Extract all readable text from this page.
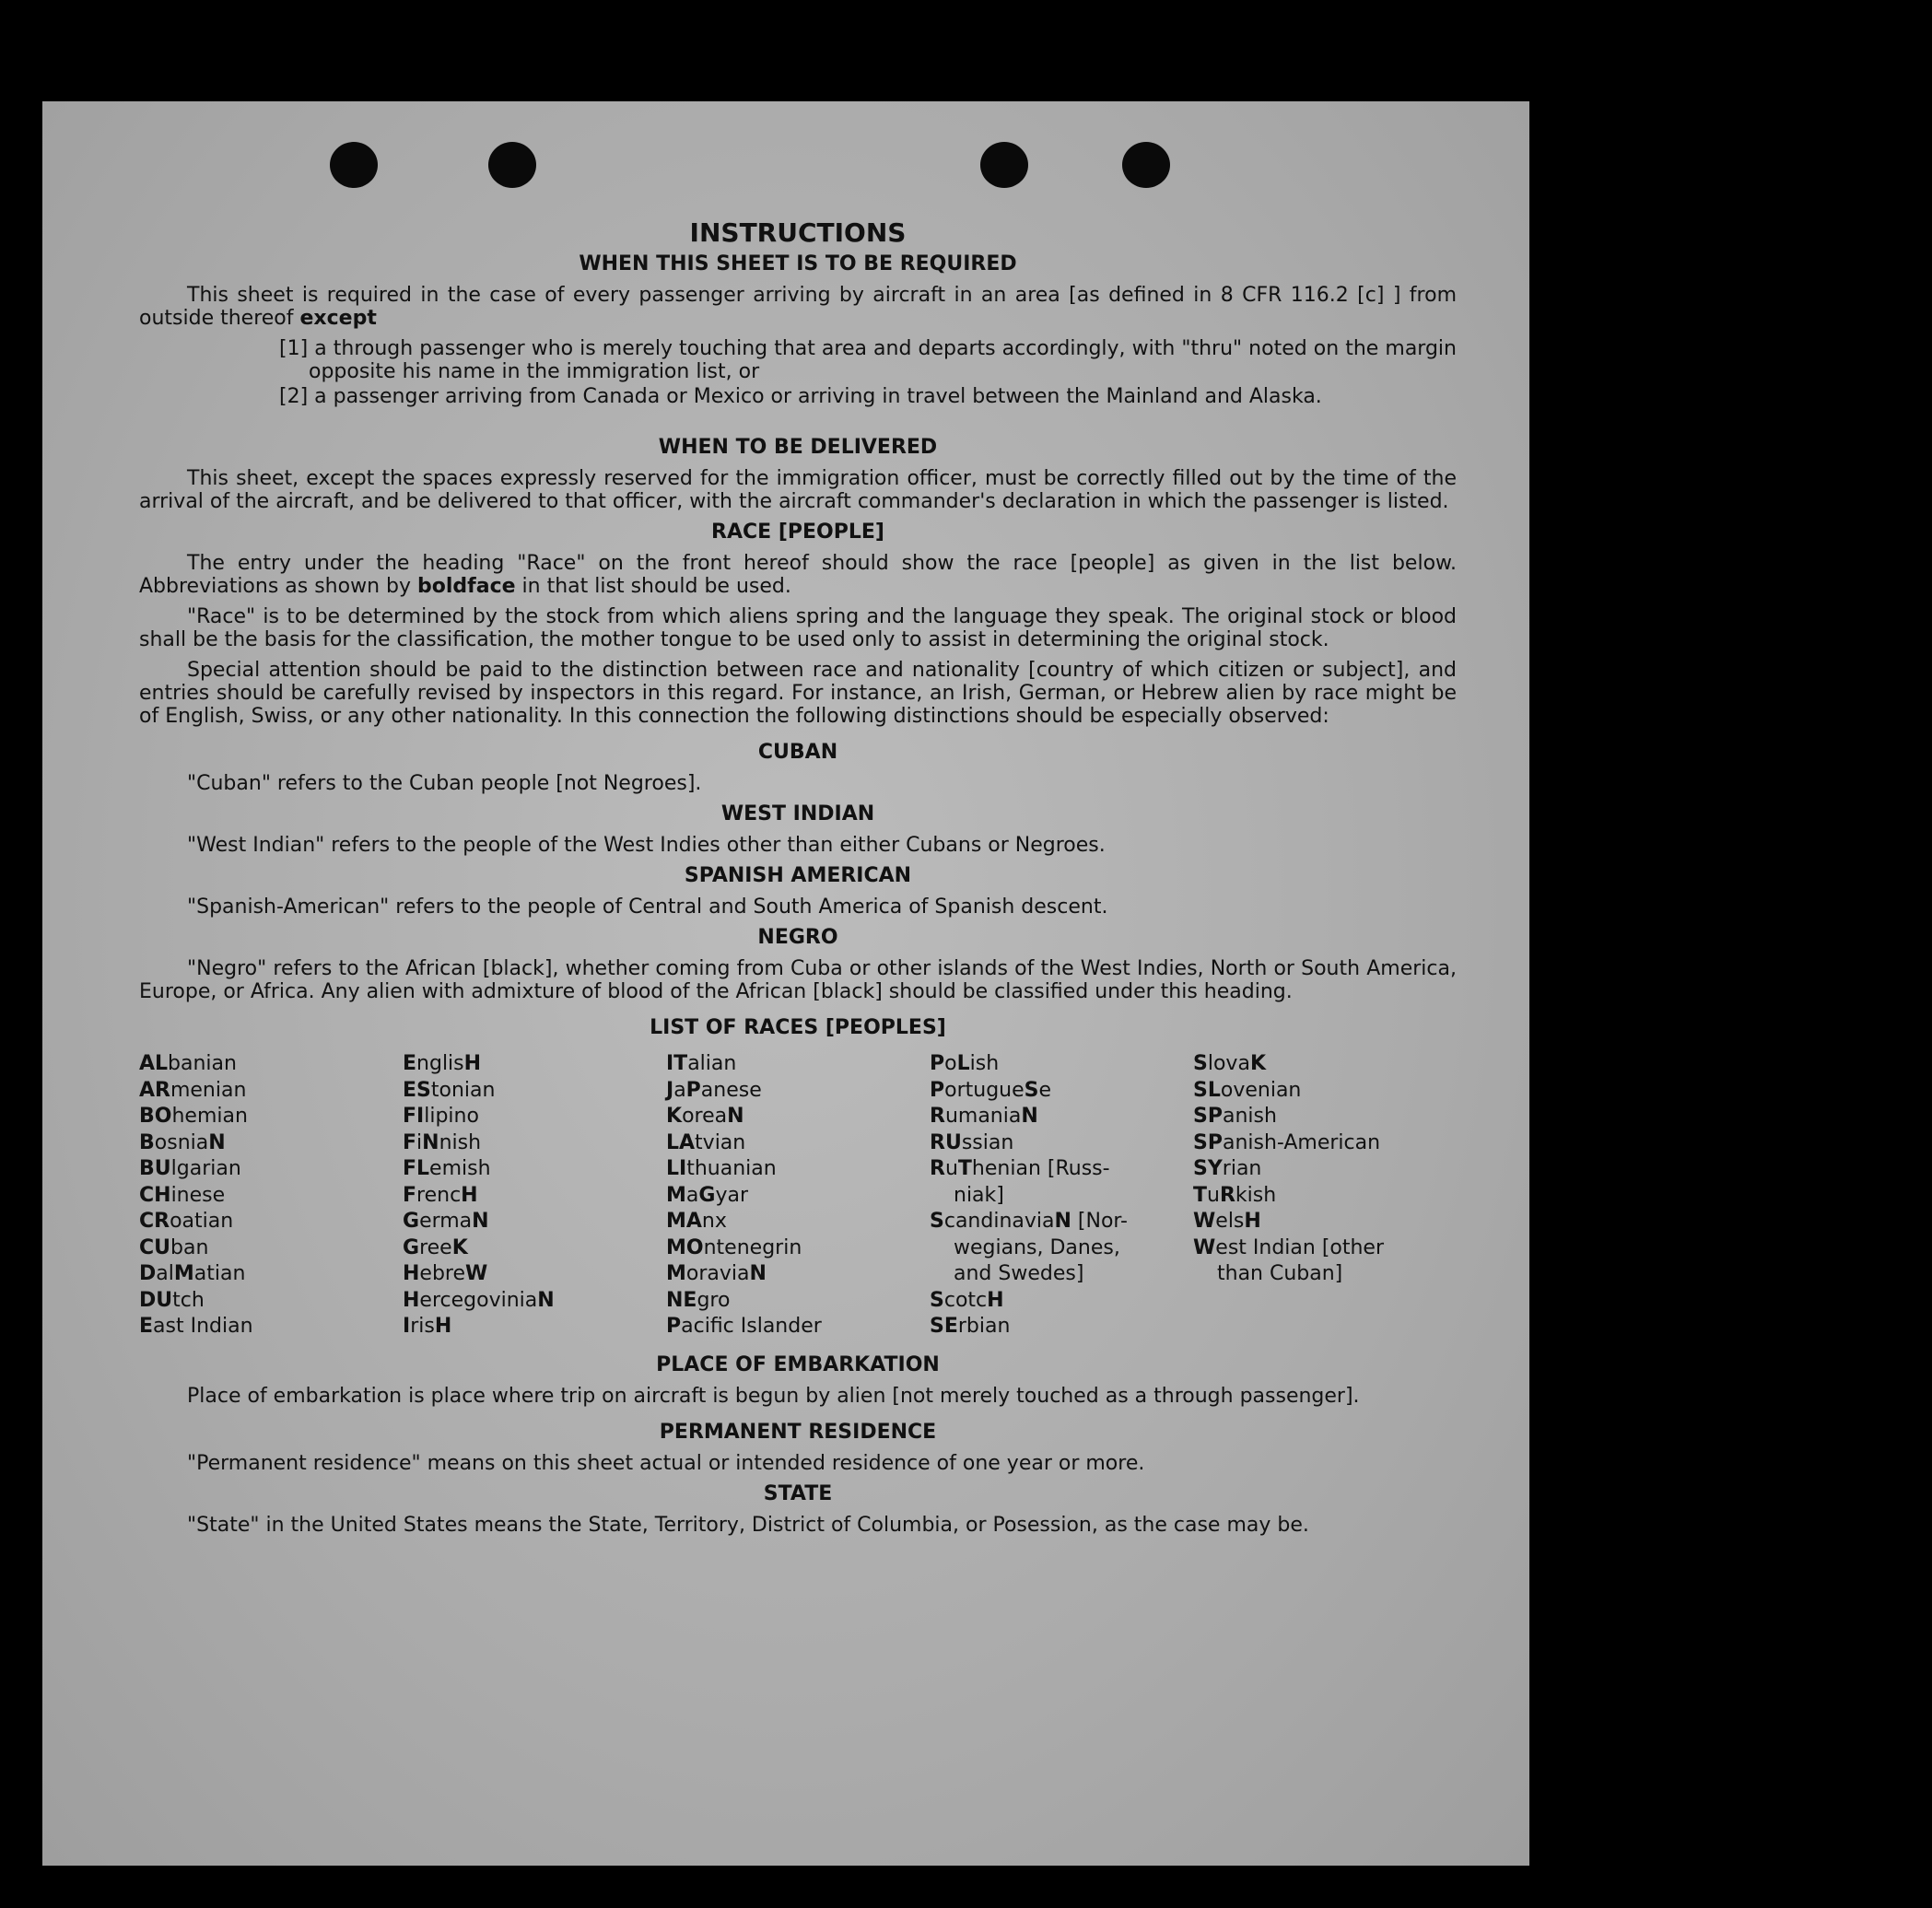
INSTRUCTIONS
WHEN THIS SHEET IS TO BE REQUIRED

This sheet is required in the case of every passenger arriving by aircraft in an area [as defined in 8 CFR 116.2 [c] ] from outside thereof except

[1] a through passenger who is merely touching that area and departs accordingly, with "thru" noted on the margin opposite his name in the immigration list, or
[2] a passenger arriving from Canada or Mexico or arriving in travel between the Mainland and Alaska.
WHEN TO BE DELIVERED

This sheet, except the spaces expressly reserved for the immigration officer, must be correctly filled out by the time of the arrival of the aircraft, and be delivered to that officer, with the aircraft commander's declaration in which the passenger is listed.

RACE [PEOPLE]

The entry under the heading "Race" on the front hereof should show the race [people] as given in the list below. Abbreviations as shown by boldface in that list should be used.

"Race" is to be determined by the stock from which aliens spring and the language they speak. The original stock or blood shall be the basis for the classification, the mother tongue to be used only to assist in determining the original stock.

Special attention should be paid to the distinction between race and nationality [country of which citizen or subject], and entries should be carefully revised by inspectors in this regard. For instance, an Irish, German, or Hebrew alien by race might be of English, Swiss, or any other nationality. In this connection the following distinctions should be especially observed:

CUBAN

"Cuban" refers to the Cuban people [not Negroes].

WEST INDIAN

"West Indian" refers to the people of the West Indies other than either Cubans or Negroes.

SPANISH AMERICAN

"Spanish-American" refers to the people of Central and South America of Spanish descent.

NEGRO

"Negro" refers to the African [black], whether coming from Cuba or other islands of the West Indies, North or South America, Europe, or Africa. Any alien with admixture of blood of the African [black] should be classified under this heading.

LIST OF RACES [PEOPLES]
ALbanian
ARmenian
BOhemian
BosniaN
BUlgarian
CHinese
CRoatian
CUban
DalMatian
DUtch
East Indian
EnglisH
EStonian
FIlipino
FiNnish
FLemish
FrencH
GermaN
GreeK
HebreW
HercegoviniaN
IrisH
ITalian
JaPanese
KoreaN
LAtvian
LIthuanian
MaGyar
MAnx
MOntenegrin
MoraviaN
NEgro
Pacific Islander
PoLish
PortugueSe
RumaniaN
RUssian
RuThenian [Russ-
niak]
ScandinaviaN [Nor-
wegians, Danes,
and Swedes]
ScotcH
SErbian
SlovaK
SLovenian
SPanish
SPanish-American
SYrian
TuRkish
WelsH
West Indian [other
than Cuban]
PLACE OF EMBARKATION

Place of embarkation is place where trip on aircraft is begun by alien [not merely touched as a through passenger].

PERMANENT RESIDENCE

"Permanent residence" means on this sheet actual or intended residence of one year or more.

STATE

"State" in the United States means the State, Territory, District of Columbia, or Posession, as the case may be.
